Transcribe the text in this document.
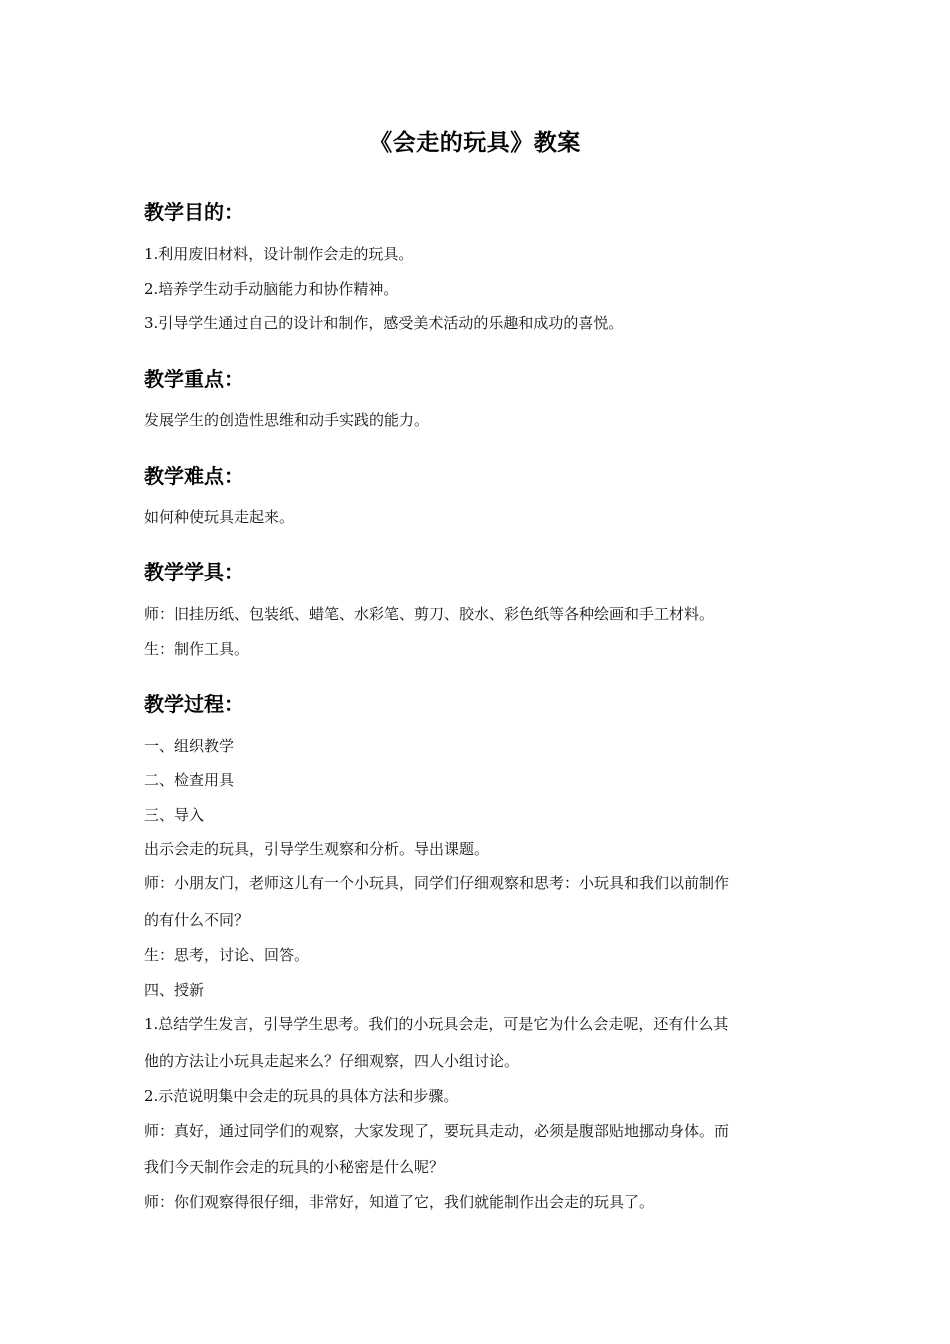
《会走的玩具》教案
教学目的：
1.利用废旧材料，设计制作会走的玩具。
2.培养学生动手动脑能力和协作精神。
3.引导学生通过自己的设计和制作，感受美术活动的乐趣和成功的喜悦。
教学重点：
发展学生的创造性思维和动手实践的能力。
教学难点：
如何种使玩具走起来。
教学学具：
师：旧挂历纸、包装纸、蜡笔、水彩笔、剪刀、胶水、彩色纸等各种绘画和手工材料。
生：制作工具。
教学过程：
一、组织教学
二、检查用具
三、导入
出示会走的玩具，引导学生观察和分析。导出课题。
师：小朋友门，老师这儿有一个小玩具，同学们仔细观察和思考：小玩具和我们以前制作
的有什么不同？
生：思考，讨论、回答。
四、授新
1.总结学生发言，引导学生思考。我们的小玩具会走，可是它为什么会走呢，还有什么其
他的方法让小玩具走起来么？仔细观察，四人小组讨论。
2.示范说明集中会走的玩具的具体方法和步骤。
师：真好，通过同学们的观察，大家发现了，要玩具走动，必须是腹部贴地挪动身体。而
我们今天制作会走的玩具的小秘密是什么呢？
师：你们观察得很仔细，非常好，知道了它，我们就能制作出会走的玩具了。
